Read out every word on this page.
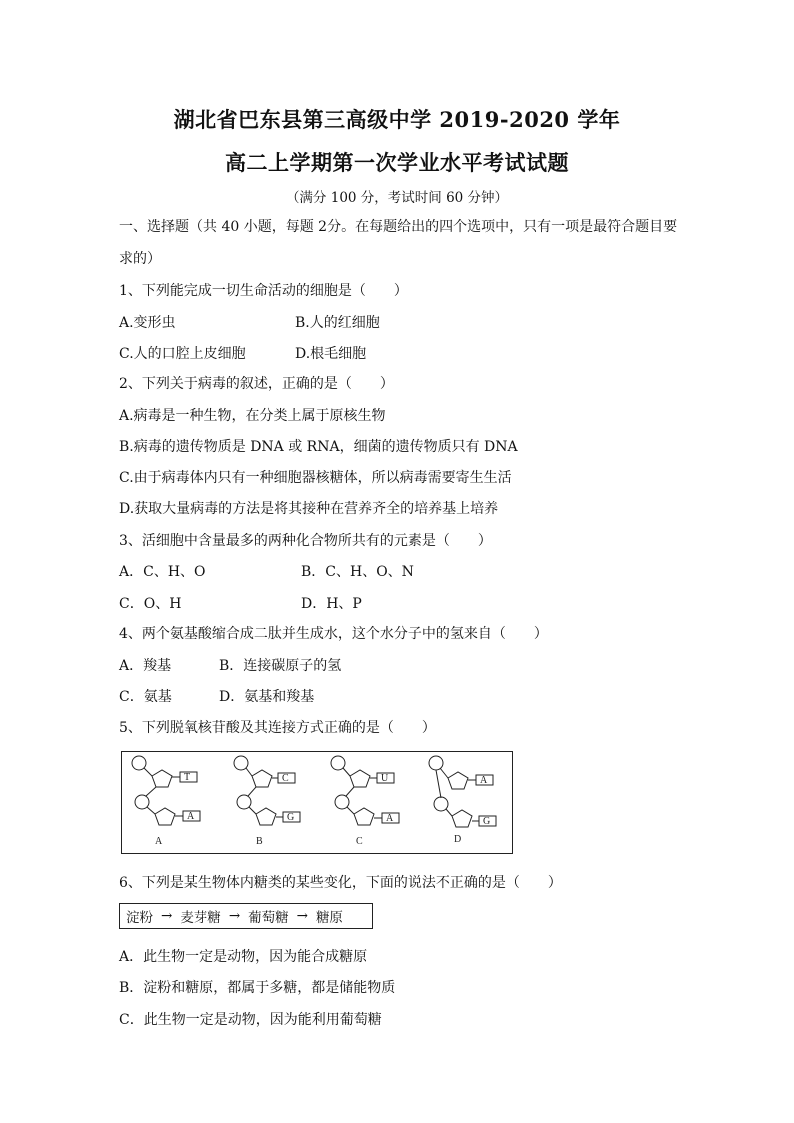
湖北省巴东县第三高级中学 2019-2020 学年
高二上学期第一次学业水平考试试题
（满分 100 分，考试时间 60 分钟）
一、选择题（共 40 小题，每题 2分。在每题给出的四个选项中，只有一项是最符合题目要
求的）
1、下列能完成一切生命活动的细胞是（　　）
A.变形虫	B.人的红细胞
C.人的口腔上皮细胞	D.根毛细胞
2、下列关于病毒的叙述，正确的是（　　）
A.病毒是一种生物，在分类上属于原核生物
B.病毒的遗传物质是 DNA 或 RNA，细菌的遗传物质只有 DNA
C.由于病毒体内只有一种细胞器核糖体，所以病毒需要寄生生活
D.获取大量病毒的方法是将其接种在营养齐全的培养基上培养
3、活细胞中含量最多的两种化合物所共有的元素是（　　）
A．C、H、O	B．C、H、O、N
C．O、H	D．H、P
4、两个氨基酸缩合成二肽并生成水，这个水分子中的氢来自（　　）
A．羧基	B．连接碳原子的氢
C．氨基	D．氨基和羧基
5、下列脱氧核苷酸及其连接方式正确的是（　　）
T
A
A
C
G
B
U
A
C
A
G
D
6、下列是某生物体内糖类的某些变化，下面的说法不正确的是（　　）
淀粉 → 麦芽糖 → 葡萄糖 → 糖原
A．此生物一定是动物，因为能合成糖原
B．淀粉和糖原，都属于多糖，都是储能物质
C．此生物一定是动物，因为能利用葡萄糖
